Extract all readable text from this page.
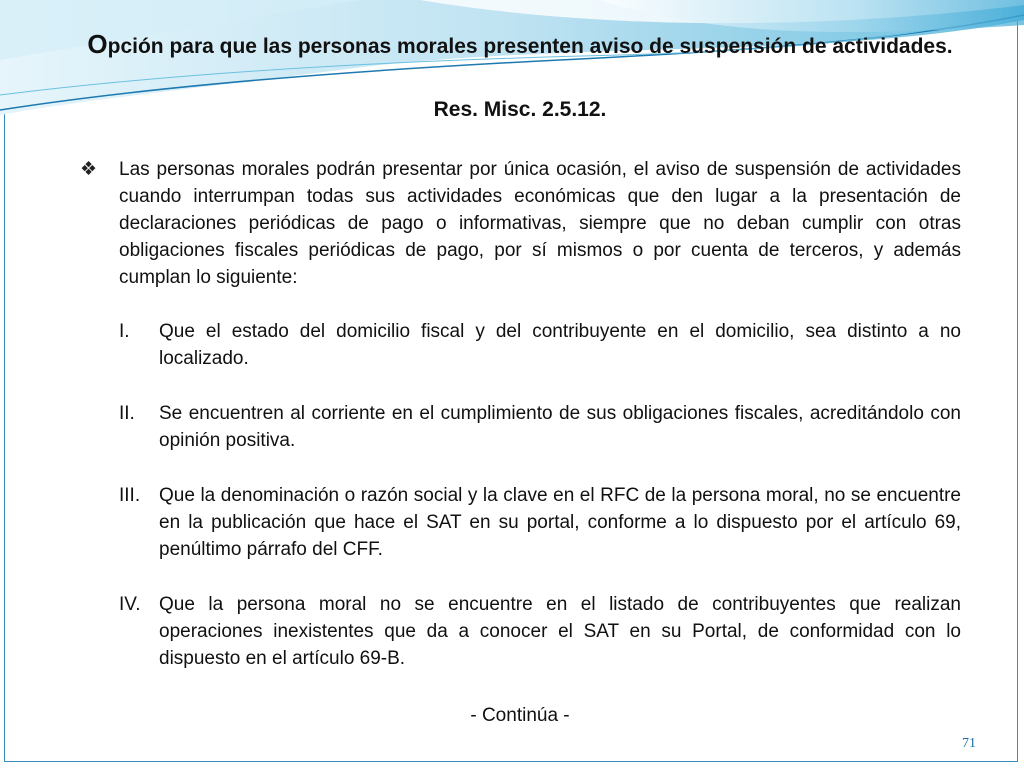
Opción para que las personas morales presenten aviso de suspensión de actividades.
Res. Misc. 2.5.12.
❖ Las personas morales podrán presentar por única ocasión, el aviso de suspensión de actividades cuando interrumpan todas sus actividades económicas que den lugar a la presentación de declaraciones periódicas de pago o informativas, siempre que no deban cumplir con otras obligaciones fiscales periódicas de pago, por sí mismos o por cuenta de terceros, y además cumplan lo siguiente:
I.	Que el estado del domicilio fiscal y del contribuyente en el domicilio, sea distinto a no localizado.
II.	Se encuentren al corriente en el cumplimiento de sus obligaciones fiscales, acreditándolo con opinión positiva.
III. Que la denominación o razón social y la clave en el RFC de la persona moral, no se encuentre en la publicación que hace el SAT en su portal, conforme a lo dispuesto por el artículo 69, penúltimo párrafo del CFF.
IV. Que la persona moral no se encuentre en el listado de contribuyentes que realizan operaciones inexistentes que da a conocer el SAT en su Portal, de conformidad con lo dispuesto en el artículo 69-B.
- Continúa -
71
